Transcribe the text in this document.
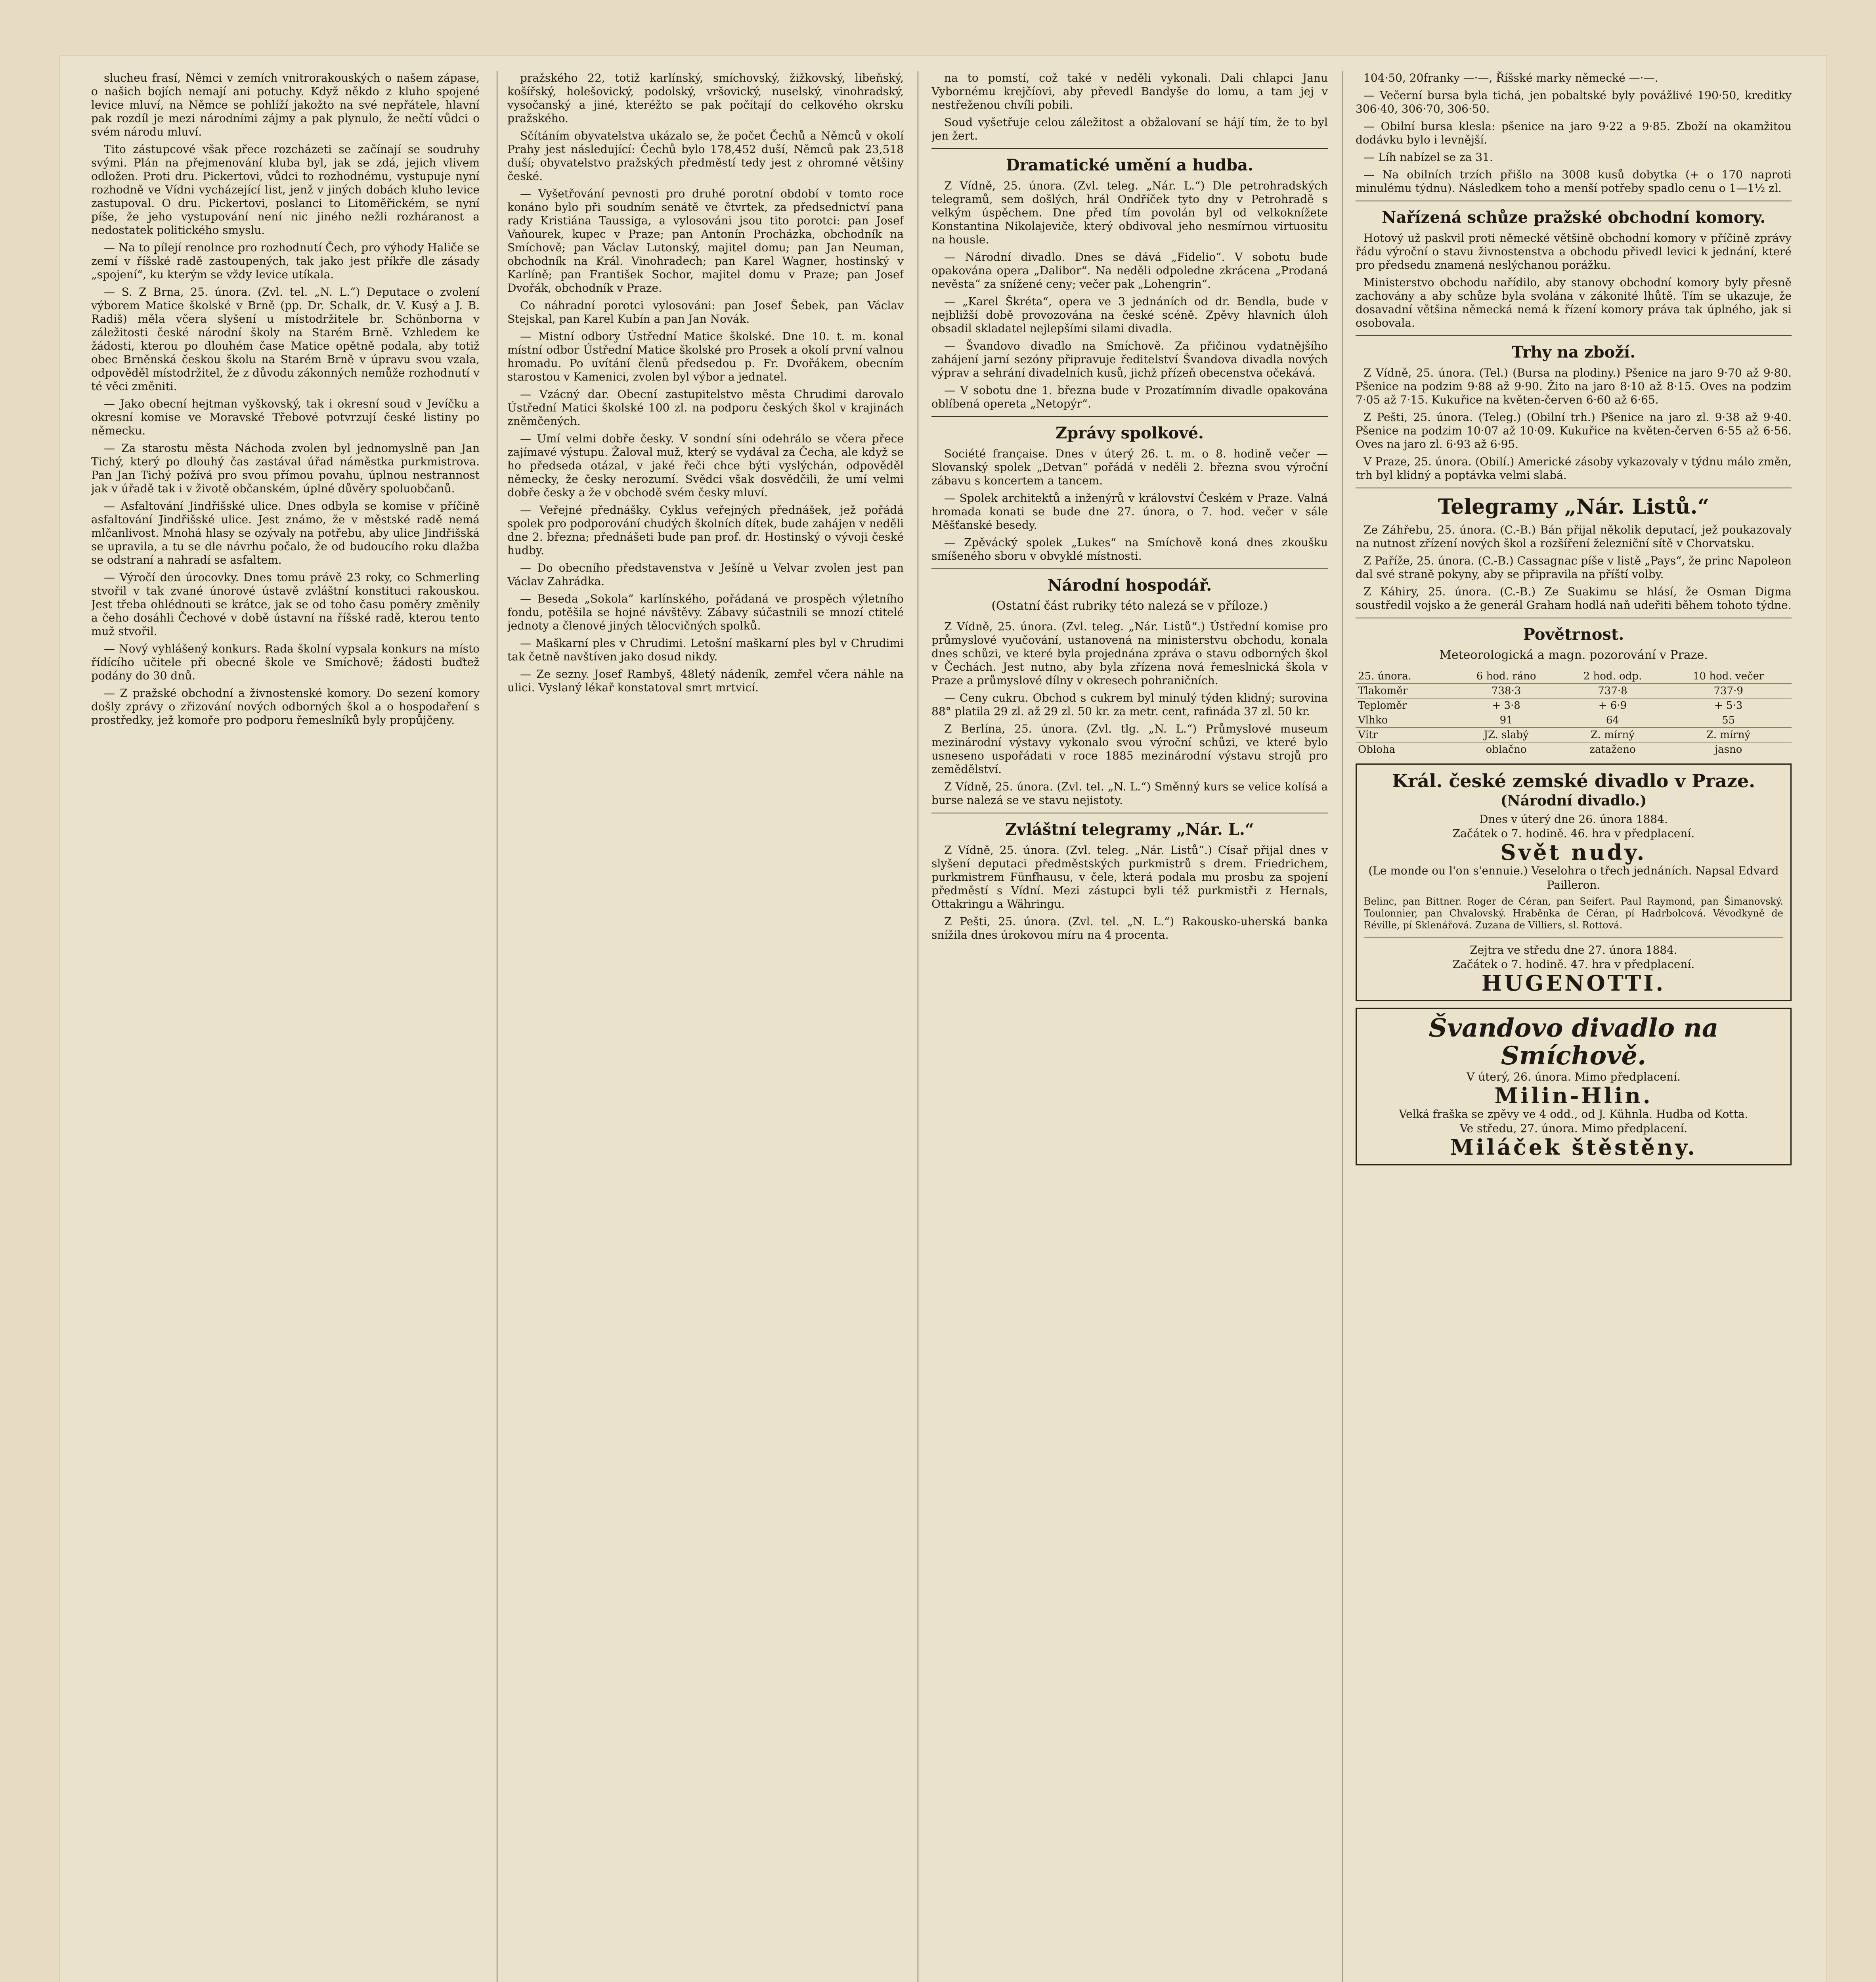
slucheu frasí, Němci v zemích vnitrorakouských o našem zápase, o našich bojích nemají ani potuchy. Když někdo z kluho spojené levice mluví, na Němce se pohlíží jakožto na své nepřátele, hlavní pak rozdíl je mezi národními zájmy a pak plynulo, že nečtí vůdci o svém národu mluví.

Tito zástupcové však přece rozcházeti se začínají se soudruhy svými. Plán na přejmenování kluba byl, jak se zdá, jejich vlivem odložen. Proti dru. Pickertovi, vůdci to rozhodnému, vystupuje nyní rozhodně ve Vídni vycházející list, jenž v jiných dobách kluho levice zastupoval. O dru. Pickertovi, poslanci to Litoměřickém, se nyní píše, že jeho vystupování není nic jiného nežli rozháranost a nedostatek politického smyslu.

— Na to pílejí renolnce pro rozhodnutí Čech, pro výhody Haliče se zemí v říšské radě zastoupených, tak jako jest příkře dle zásady „spojení“, ku kterým se vždy levice utíkala.

— S. Z Brna, 25. února. (Zvl. tel. „N. L.“) Deputace o zvolení výborem Matice školské v Brně (pp. Dr. Schalk, dr. V. Kusý a J. B. Radiš) měla včera slyšení u místodržitele br. Schönborna v záležitosti české národní školy na Starém Brně. Vzhledem ke žádosti, kterou po dlouhém čase Matice opětně podala, aby totiž obec Brněnská českou školu na Starém Brně v úpravu svou vzala, odpověděl místodržitel, že z důvodu zákonných nemůže rozhodnutí v té věci změniti.

— Jako obecní hejtman vyškovský, tak i okresní soud v Jevíčku a okresní komise ve Moravské Třebové potvrzují české listiny po německu.

— Za starostu města Náchoda zvolen byl jednomyslně pan Jan Tichý, který po dlouhý čas zastával úřad náměstka purkmistrova. Pan Jan Tichý požívá pro svou přímou povahu, úplnou nestrannost jak v úřadě tak i v životě občanském, úplné důvěry spoluobčanů.

— Asfaltování Jindřišské ulice. Dnes odbyla se komise v příčině asfaltování Jindřišské ulice. Jest známo, že v městské radě nemá mlčanlivost. Mnohá hlasy se ozývaly na potřebu, aby ulice Jindřišská se upravila, a tu se dle návrhu počalo, že od budoucího roku dlažba se odstraní a nahradí se asfaltem.

— Výročí den úrocovky. Dnes tomu právě 23 roky, co Schmerling stvořil v tak zvané únorové ústavě zvláštní konstituci rakouskou. Jest třeba ohlédnouti se krátce, jak se od toho času poměry změnily a čeho dosáhli Čechové v době ústavní na říšské radě, kterou tento muž stvořil.

— Nový vyhlášený konkurs. Rada školní vypsala konkurs na místo řídícího učitele při obecné škole ve Smíchově; žádosti buďtež podány do 30 dnů.

— Z pražské obchodní a živnostenské komory. Do sezení komory došly zprávy o zřizování nových odborných škol a o hospodaření s prostředky, jež komoře pro podporu řemeslníků byly propůjčeny.

pražského 22, totiž karlínský, smíchovský, žižkovský, libeňský, košířský, holešovický, podolský, vršovický, nuselský, vinohradský, vysočanský a jiné, kteréžto se pak počítají do celkového okrsku pražského.

Sčítáním obyvatelstva ukázalo se, že počet Čechů a Němců v okolí Prahy jest následující: Čechů bylo 178,452 duší, Němců pak 23,518 duší; obyvatelstvo pražských předměstí tedy jest z ohromné většiny české.

— Vyšetřování pevnosti pro druhé porotní období v tomto roce konáno bylo při soudním senátě ve čtvrtek, za předsednictví pana rady Kristiána Taussiga, a vylosováni jsou tito porotci: pan Josef Vaňourek, kupec v Praze; pan Antonín Procházka, obchodník na Smíchově; pan Václav Lutonský, majitel domu; pan Jan Neuman, obchodník na Král. Vinohradech; pan Karel Wagner, hostinský v Karlíně; pan František Sochor, majitel domu v Praze; pan Josef Dvořák, obchodník v Praze.

Co náhradní porotci vylosováni: pan Josef Šebek, pan Václav Stejskal, pan Karel Kubín a pan Jan Novák.

— Mistní odbory Ústřední Matice školské. Dne 10. t. m. konal místní odbor Ústřední Matice školské pro Prosek a okolí první valnou hromadu. Po uvítání členů předsedou p. Fr. Dvořákem, obecním starostou v Kamenici, zvolen byl výbor a jednatel.

— Vzácný dar. Obecní zastupitelstvo města Chrudimi darovalo Ústřední Matici školské 100 zl. na podporu českých škol v krajinách zněmčených.

— Umí velmi dobře česky. V sondní síni odehrálo se včera přece zajímavé výstupu. Žaloval muž, který se vydával za Čecha, ale když se ho předseda otázal, v jaké řeči chce býti vyslýchán, odpověděl německy, že česky nerozumí. Svědci však dosvědčili, že umí velmi dobře česky a že v obchodě svém česky mluví.

— Veřejné přednášky. Cyklus veřejných přednášek, jež pořádá spolek pro podporování chudých školních dítek, bude zahájen v neděli dne 2. března; přednášeti bude pan prof. dr. Hostinský o vývoji české hudby.

— Do obecního představenstva v Ješíně u Velvar zvolen jest pan Václav Zahrádka.

— Beseda „Sokola“ karlínského, pořádaná ve prospěch výletního fondu, potěšila se hojné návštěvy. Zábavy súčastnili se mnozí ctitelé jednoty a členové jiných tělocvičných spolků.

— Maškarní ples v Chrudimi. Letošní maškarní ples byl v Chrudimi tak četně navštíven jako dosud nikdy.

— Ze sezny. Josef Rambyš, 48letý nádeník, zemřel včera náhle na ulici. Vyslaný lékař konstatoval smrt mrtvicí.

na to pomstí, což také v neděli vykonali. Dali chlapci Janu Vybornému krejčíovi, aby převedl Bandyše do lomu, a tam jej v nestřeženou chvíli pobili.

Soud vyšetřuje celou záležitost a obžalovaní se hájí tím, že to byl jen žert.

Dramatické umění a hudba.

Z Vídně, 25. února. (Zvl. teleg. „Nár. L.“) Dle petrohradských telegramů, sem došlých, hrál Ondříček tyto dny v Petrohradě s velkým úspěchem. Dne před tím povolán byl od velkoknížete Konstantina Nikolajeviče, který obdivoval jeho nesmírnou virtuositu na housle.

— Národní divadlo. Dnes se dává „Fidelio“. V sobotu bude opakována opera „Dalibor“. Na neděli odpoledne zkrácena „Prodaná nevěsta“ za snížené ceny; večer pak „Lohengrin“.

— „Karel Škréta“, opera ve 3 jednáních od dr. Bendla, bude v nejbližší době provozována na české scéně. Zpěvy hlavních úloh obsadil skladatel nejlepšími silami divadla.

— Švandovo divadlo na Smíchově. Za přičinou vydatnějšího zahájení jarní sezóny připravuje ředitelství Švandova divadla nových výprav a sehrání divadelních kusů, jichž přízeň obecenstva očekává.

— V sobotu dne 1. března bude v Prozatímním divadle opakována oblíbená opereta „Netopýr“.

Zprávy spolkové.

Société française. Dnes v úterý 26. t. m. o 8. hodině večer — Slovanský spolek „Detvan“ pořádá v neděli 2. března svou výroční zábavu s koncertem a tancem.

— Spolek architektů a inženýrů v království Českém v Praze. Valná hromada konati se bude dne 27. února, o 7. hod. večer v sále Měšťanské besedy.

— Zpěvácký spolek „Lukes“ na Smíchově koná dnes zkoušku smíšeného sboru v obvyklé místnosti.

Národní hospodář.
(Ostatní část rubriky této nalezá se v příloze.)

Z Vídně, 25. února. (Zvl. teleg. „Nár. Listů“.) Ústřední komise pro průmyslové vyučování, ustanovená na ministerstvu obchodu, konala dnes schůzi, ve které byla projednána zpráva o stavu odborných škol v Čechách. Jest nutno, aby byla zřízena nová řemeslnická škola v Praze a průmyslové dílny v okresech pohraničních.

— Ceny cukru. Obchod s cukrem byl minulý týden klidný; surovina 88° platila 29 zl. až 29 zl. 50 kr. za metr. cent, rafináda 37 zl. 50 kr.

Z Berlína, 25. února. (Zvl. tlg. „N. L.“) Průmyslové museum mezinárodní výstavy vykonalo svou výroční schůzi, ve které bylo usneseno uspořádati v roce 1885 mezinárodní výstavu strojů pro zemědělství.

Z Vídně, 25. února. (Zvl. tel. „N. L.“) Směnný kurs se velice kolísá a burse nalezá se ve stavu nejistoty.

Zvláštní telegramy „Nár. L.“

Z Vídně, 25. února. (Zvl. teleg. „Nár. Listů“.) Císař přijal dnes v slyšení deputaci předměstských purkmistrů s drem. Friedrichem, purkmistrem Fünfhausu, v čele, která podala mu prosbu za spojení předměstí s Vídní. Mezi zástupci byli též purkmistři z Hernals, Ottakringu a Währingu.

Z Pešti, 25. února. (Zvl. tel. „N. L.“) Rakousko-uherská banka snížila dnes úrokovou míru na 4 procenta.

104·50, 20franky —·—, Říšské marky německé —·—.

— Večerní bursa byla tichá, jen pobaltské byly povážlivé 190·50, kreditky 306·40, 306·70, 306·50.

— Obilní bursa klesla: pšenice na jaro 9·22 a 9·85. Zboží na okamžitou dodávku bylo i levnější.

— Líh nabízel se za 31.

— Na obilních trzích přišlo na 3008 kusů dobytka (+ o 170 naproti minulému týdnu). Následkem toho a menší potřeby spadlo cenu o 1—1½ zl.

Nařízená schůze pražské obchodní komory.

Hotový už paskvil proti německé většině obchodní komory v příčině zprávy řádu výroční o stavu živnostenstva a obchodu přivedl levici k jednání, které pro předsedu znamená neslýchanou porážku.

Ministerstvo obchodu nařídilo, aby stanovy obchodní komory byly přesně zachovány a aby schůze byla svolána v zákonité lhůtě. Tím se ukazuje, že dosavadní většina německá nemá k řízení komory práva tak úplného, jak si osobovala.

Trhy na zboží.

Z Vídně, 25. února. (Tel.) (Bursa na plodiny.) Pšenice na jaro 9·70 až 9·80. Pšenice na podzim 9·88 až 9·90. Žito na jaro 8·10 až 8·15. Oves na podzim 7·05 až 7·15. Kukuřice na květen-červen 6·60 až 6·65.

Z Pešti, 25. února. (Teleg.) (Obilní trh.) Pšenice na jaro zl. 9·38 až 9·40. Pšenice na podzim 10·07 až 10·09. Kukuřice na květen-červen 6·55 až 6·56. Oves na jaro zl. 6·93 až 6·95.

V Praze, 25. února. (Obilí.) Americké zásoby vykazovaly v týdnu málo změn, trh byl klidný a poptávka velmi slabá.

Telegramy „Nár. Listů.“

Ze Záhřebu, 25. února. (C.-B.) Bán přijal několik deputací, jež poukazovaly na nutnost zřízení nových škol a rozšíření železniční sítě v Chorvatsku.

Z Paříže, 25. února. (C.-B.) Cassagnac píše v listě „Pays“, že princ Napoleon dal své straně pokyny, aby se připravila na příští volby.

Z Káhiry, 25. února. (C.-B.) Ze Suakimu se hlásí, že Osman Digma soustředil vojsko a že generál Graham hodlá naň udeřiti během tohoto týdne.

Povětrnost.
Meteorologická a magn. pozorování v Praze.
25. února.	6 hod. ráno	2 hod. odp.	10 hod. večer
Tlakoměr	738·3	737·8	737·9
Teploměr	+ 3·8	+ 6·9	+ 5·3
Vlhko	91	64	55
Vítr	JZ. slabý	Z. mírný	Z. mírný
Obloha	oblačno	zataženo	jasno
Král. české zemské divadlo v Praze.
(Národní divadlo.)
Dnes v úterý dne 26. února 1884.
Začátek o 7. hodině. 46. hra v předplacení.
Svět nudy.
(Le monde ou l'on s'ennuie.) Veselohra o třech jednáních. Napsal Edvard Pailleron.
Belinc, pan Bittner. Roger de Céran, pan Seifert. Paul Raymond, pan Šimanovský. Toulonnier, pan Chvalovský. Hraběnka de Céran, pí Hadrbolcová. Vévodkyně de Réville, pí Sklenářová. Zuzana de Villiers, sl. Rottová.
Zejtra ve středu dne 27. února 1884.
Začátek o 7. hodině. 47. hra v předplacení.
HUGENOTTI.
Švandovo divadlo na Smíchově.
V úterý, 26. února. Mimo předplacení.
Milin-Hlin.
Velká fraška se zpěvy ve 4 odd., od J. Kühnla. Hudba od Kotta.
Ve středu, 27. února. Mimo předplacení.
Miláček štěstěny.
